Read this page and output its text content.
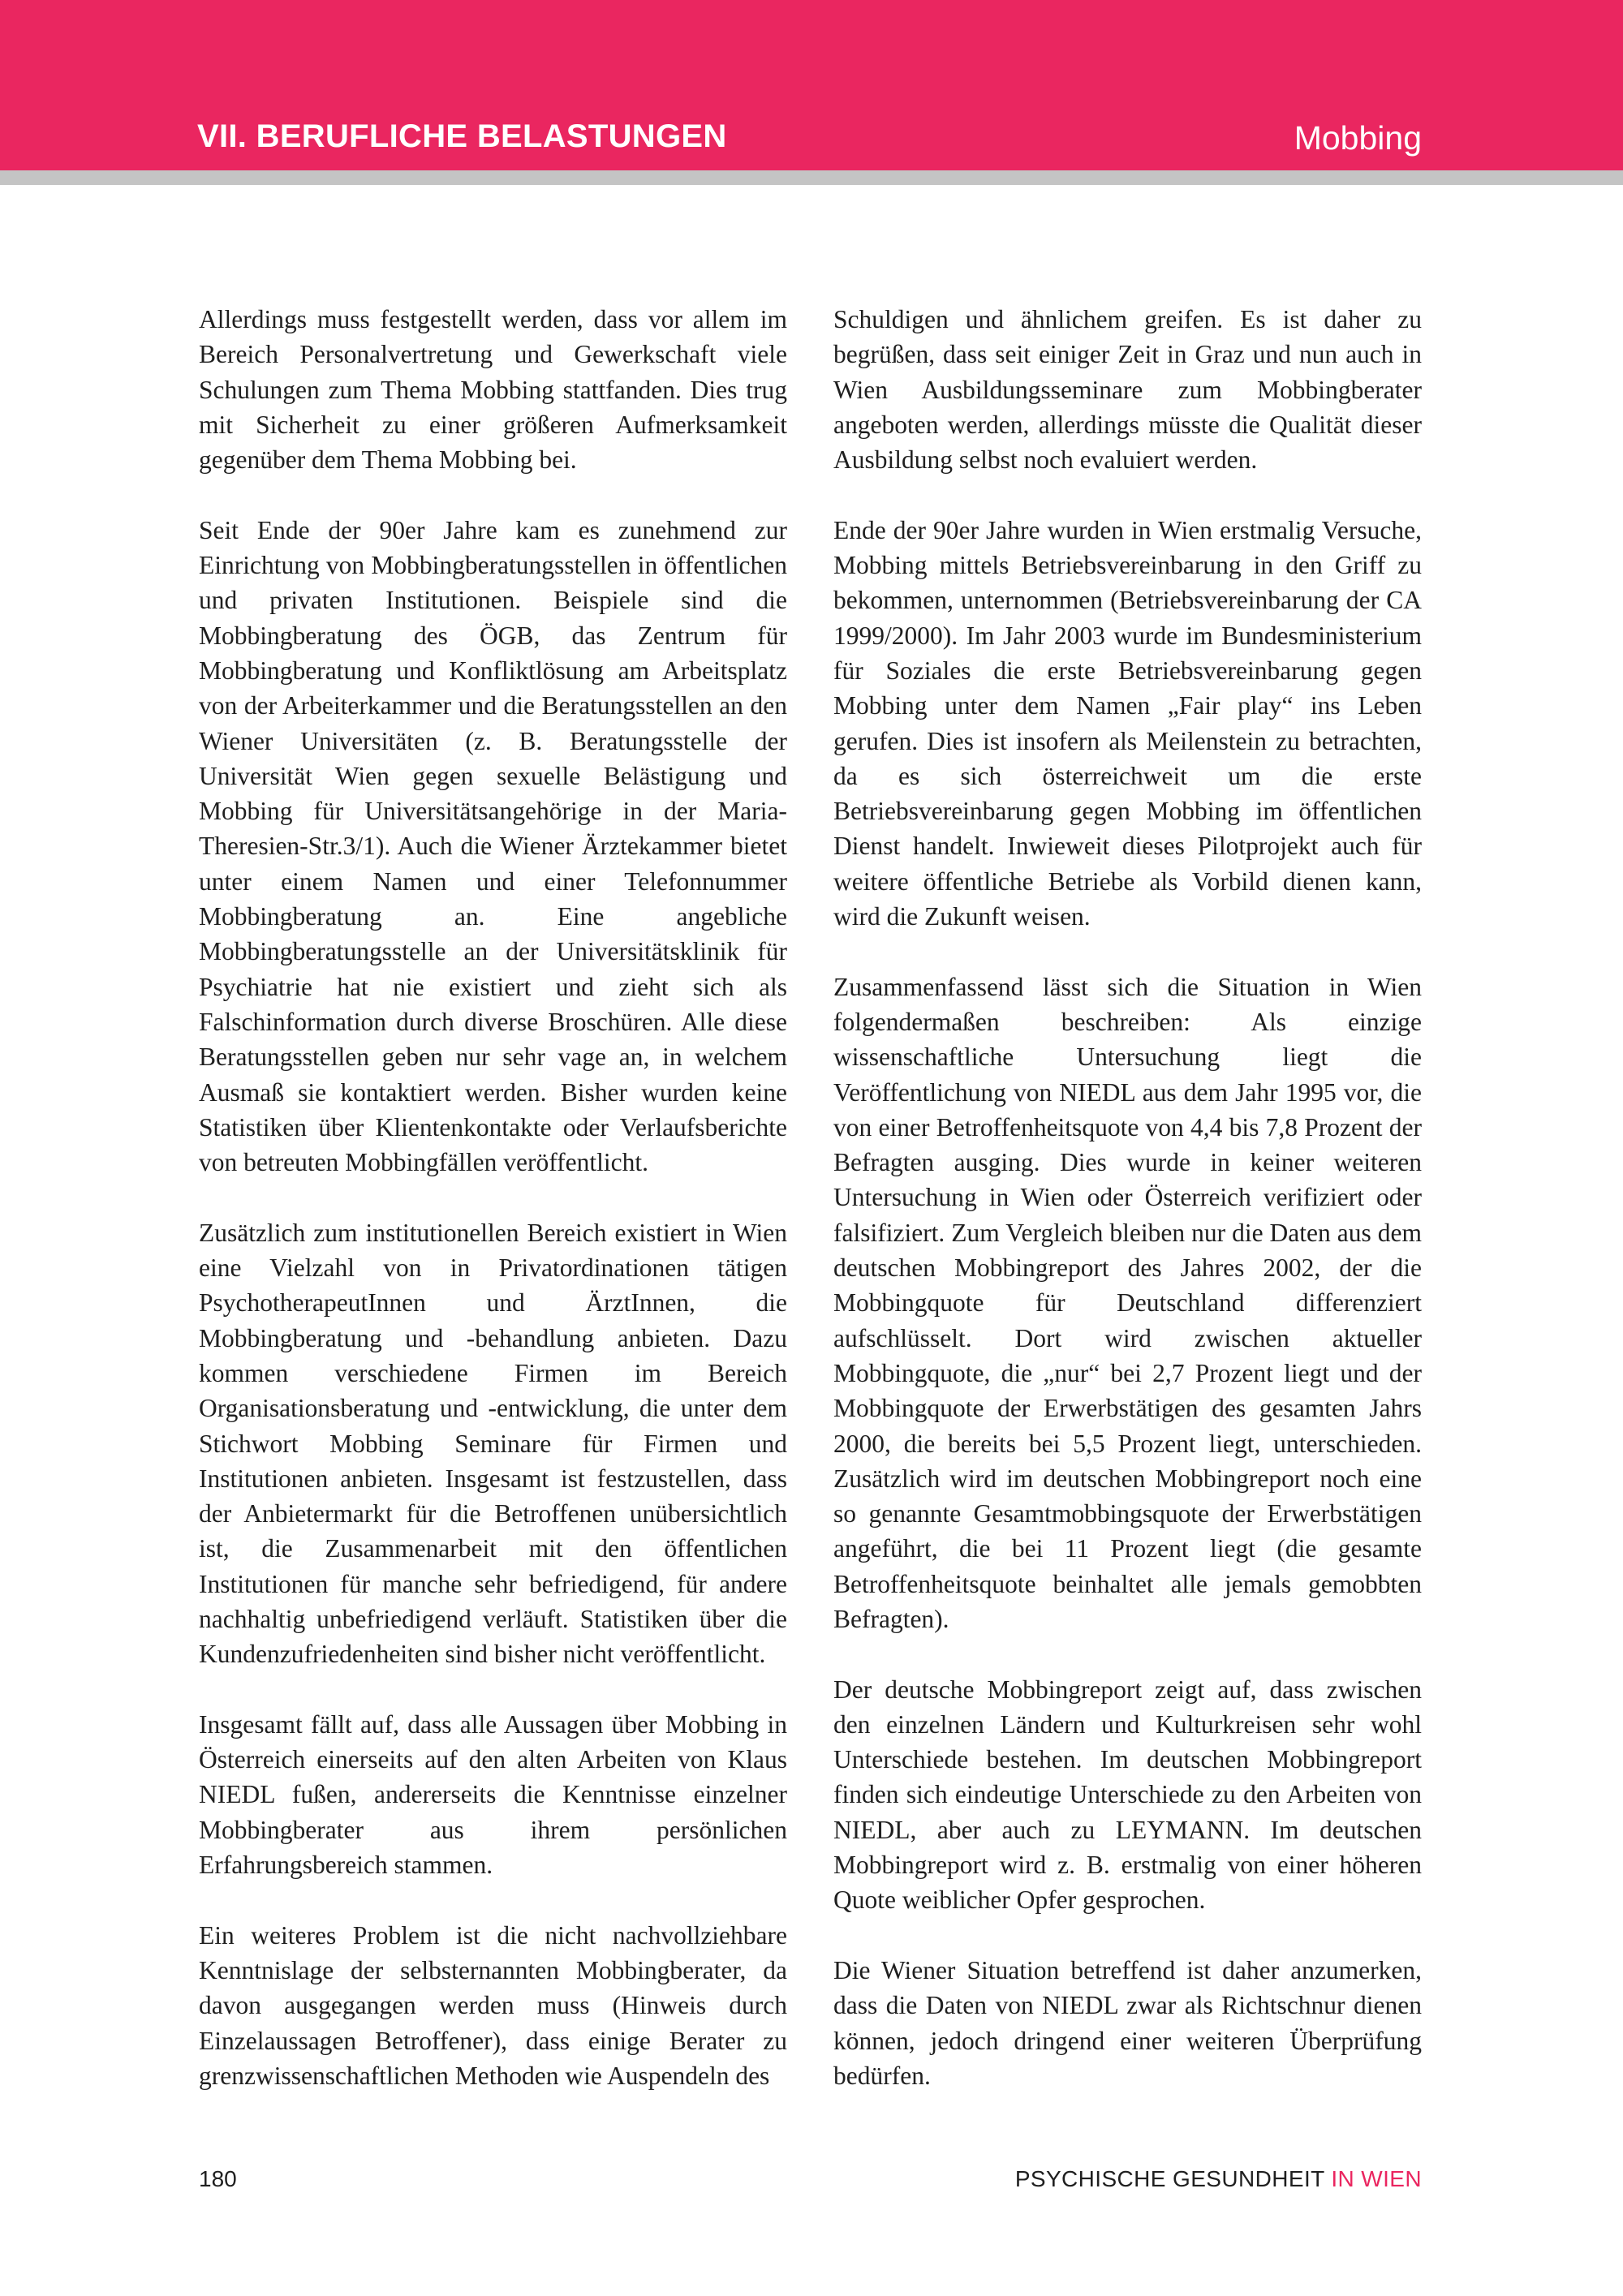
VII. BERUFLICHE BELASTUNGEN	Mobbing

Allerdings muss festgestellt werden, dass vor allem im Bereich Personalvertretung und Gewerkschaft viele Schulungen zum Thema Mobbing stattfanden. Dies trug mit Sicherheit zu einer größeren Aufmerksamkeit gegenüber dem Thema Mobbing bei.

Seit Ende der 90er Jahre kam es zunehmend zur Einrichtung von Mobbingberatungsstellen in öffentlichen und privaten Institutionen. Beispiele sind die Mobbingberatung des ÖGB, das Zentrum für Mobbingberatung und Konfliktlösung am Arbeitsplatz von der Arbeiterkammer und die Beratungsstellen an den Wiener Universitäten (z. B. Beratungsstelle der Universität Wien gegen sexuelle Belästigung und Mobbing für Universitätsangehörige in der Maria-Theresien-Str.3/1). Auch die Wiener Ärztekammer bietet unter einem Namen und einer Telefonnummer Mobbingberatung an. Eine angebliche Mobbingberatungsstelle an der Universitätsklinik für Psychiatrie hat nie existiert und zieht sich als Falschinformation durch diverse Broschüren. Alle diese Beratungsstellen geben nur sehr vage an, in welchem Ausmaß sie kontaktiert werden. Bisher wurden keine Statistiken über Klientenkontakte oder Verlaufsberichte von betreuten Mobbingfällen veröffentlicht.

Zusätzlich zum institutionellen Bereich existiert in Wien eine Vielzahl von in Privatordinationen tätigen PsychotherapeutInnen und ÄrztInnen, die Mobbingberatung und -behandlung anbieten. Dazu kommen verschiedene Firmen im Bereich Organisationsberatung und -entwicklung, die unter dem Stichwort Mobbing Seminare für Firmen und Institutionen anbieten. Insgesamt ist festzustellen, dass der Anbietermarkt für die Betroffenen unübersichtlich ist, die Zusammenarbeit mit den öffentlichen Institutionen für manche sehr befriedigend, für andere nachhaltig unbefriedigend verläuft. Statistiken über die Kundenzufriedenheiten sind bisher nicht veröffentlicht.

Insgesamt fällt auf, dass alle Aussagen über Mobbing in Österreich einerseits auf den alten Arbeiten von Klaus NIEDL fußen, andererseits die Kenntnisse einzelner Mobbingberater aus ihrem persönlichen Erfahrungsbereich stammen.

Ein weiteres Problem ist die nicht nachvollziehbare Kenntnislage der selbsternannten Mobbingberater, da davon ausgegangen werden muss (Hinweis durch Einzelaussagen Betroffener), dass einige Berater zu grenzwissenschaftlichen Methoden wie Auspendeln des

Schuldigen und ähnlichem greifen. Es ist daher zu begrüßen, dass seit einiger Zeit in Graz und nun auch in Wien Ausbildungsseminare zum Mobbingberater angeboten werden, allerdings müsste die Qualität dieser Ausbildung selbst noch evaluiert werden.

Ende der 90er Jahre wurden in Wien erstmalig Versuche, Mobbing mittels Betriebsvereinbarung in den Griff zu bekommen, unternommen (Betriebsvereinbarung der CA 1999/2000). Im Jahr 2003 wurde im Bundesministerium für Soziales die erste Betriebsvereinbarung gegen Mobbing unter dem Namen „Fair play“ ins Leben gerufen. Dies ist insofern als Meilenstein zu betrachten, da es sich österreichweit um die erste Betriebsvereinbarung gegen Mobbing im öffentlichen Dienst handelt. Inwieweit dieses Pilotprojekt auch für weitere öffentliche Betriebe als Vorbild dienen kann, wird die Zukunft weisen.

Zusammenfassend lässt sich die Situation in Wien folgendermaßen beschreiben: Als einzige wissenschaftliche Untersuchung liegt die Veröffentlichung von NIEDL aus dem Jahr 1995 vor, die von einer Betroffenheitsquote von 4,4 bis 7,8 Prozent der Befragten ausging. Dies wurde in keiner weiteren Untersuchung in Wien oder Österreich verifiziert oder falsifiziert. Zum Vergleich bleiben nur die Daten aus dem deutschen Mobbingreport des Jahres 2002, der die Mobbingquote für Deutschland differenziert aufschlüsselt. Dort wird zwischen aktueller Mobbingquote, die „nur“ bei 2,7 Prozent liegt und der Mobbingquote der Erwerbstätigen des gesamten Jahrs 2000, die bereits bei 5,5 Prozent liegt, unterschieden. Zusätzlich wird im deutschen Mobbingreport noch eine so genannte Gesamtmobbingsquote der Erwerbstätigen angeführt, die bei 11 Prozent liegt (die gesamte Betroffenheitsquote beinhaltet alle jemals gemobbten Befragten).

Der deutsche Mobbingreport zeigt auf, dass zwischen den einzelnen Ländern und Kulturkreisen sehr wohl Unterschiede bestehen. Im deutschen Mobbingreport finden sich eindeutige Unterschiede zu den Arbeiten von NIEDL, aber auch zu LEYMANN. Im deutschen Mobbingreport wird z. B. erstmalig von einer höheren Quote weiblicher Opfer gesprochen.

Die Wiener Situation betreffend ist daher anzumerken, dass die Daten von NIEDL zwar als Richtschnur dienen können, jedoch dringend einer weiteren Überprüfung bedürfen.

180	PSYCHISCHE GESUNDHEIT IN WIEN
